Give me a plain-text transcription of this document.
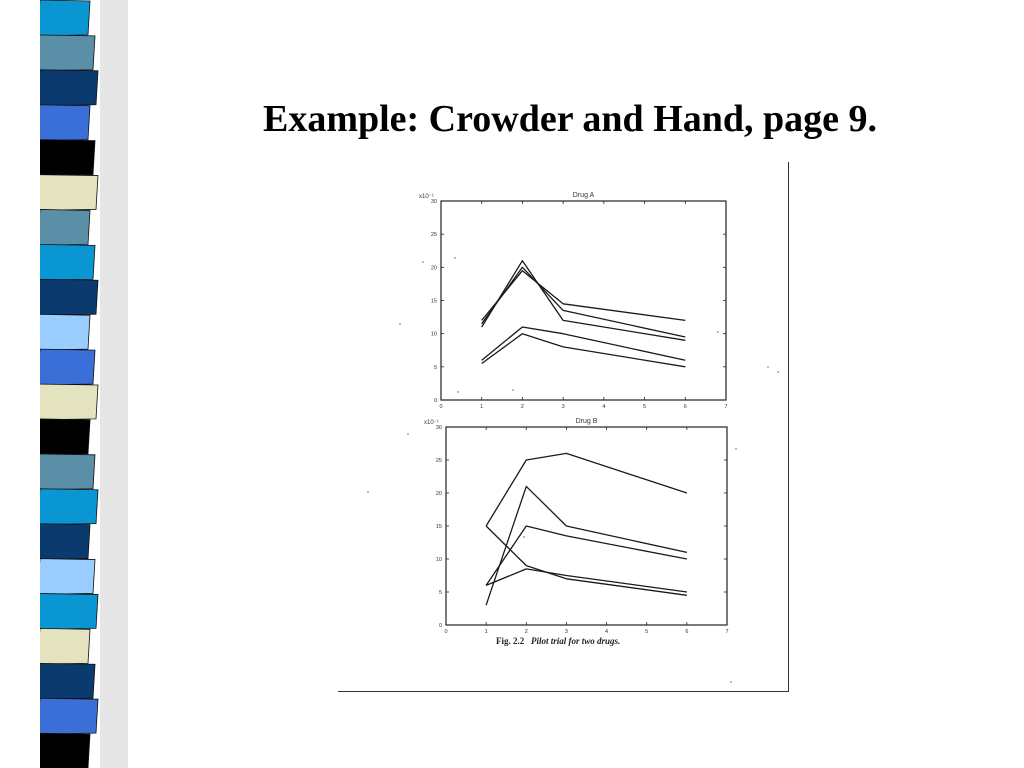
Example: Crowder and Hand, page 9.
Drug A
x10⁻¹
0
5
10
15
20
25
30
0	1	2	3	4	5	6	7
Drug B
x10⁻¹
0
5
10
15
20
25
30
0	1	2	3	4	5	6	7
Fig. 2.2 Pilot trial for two drugs.
